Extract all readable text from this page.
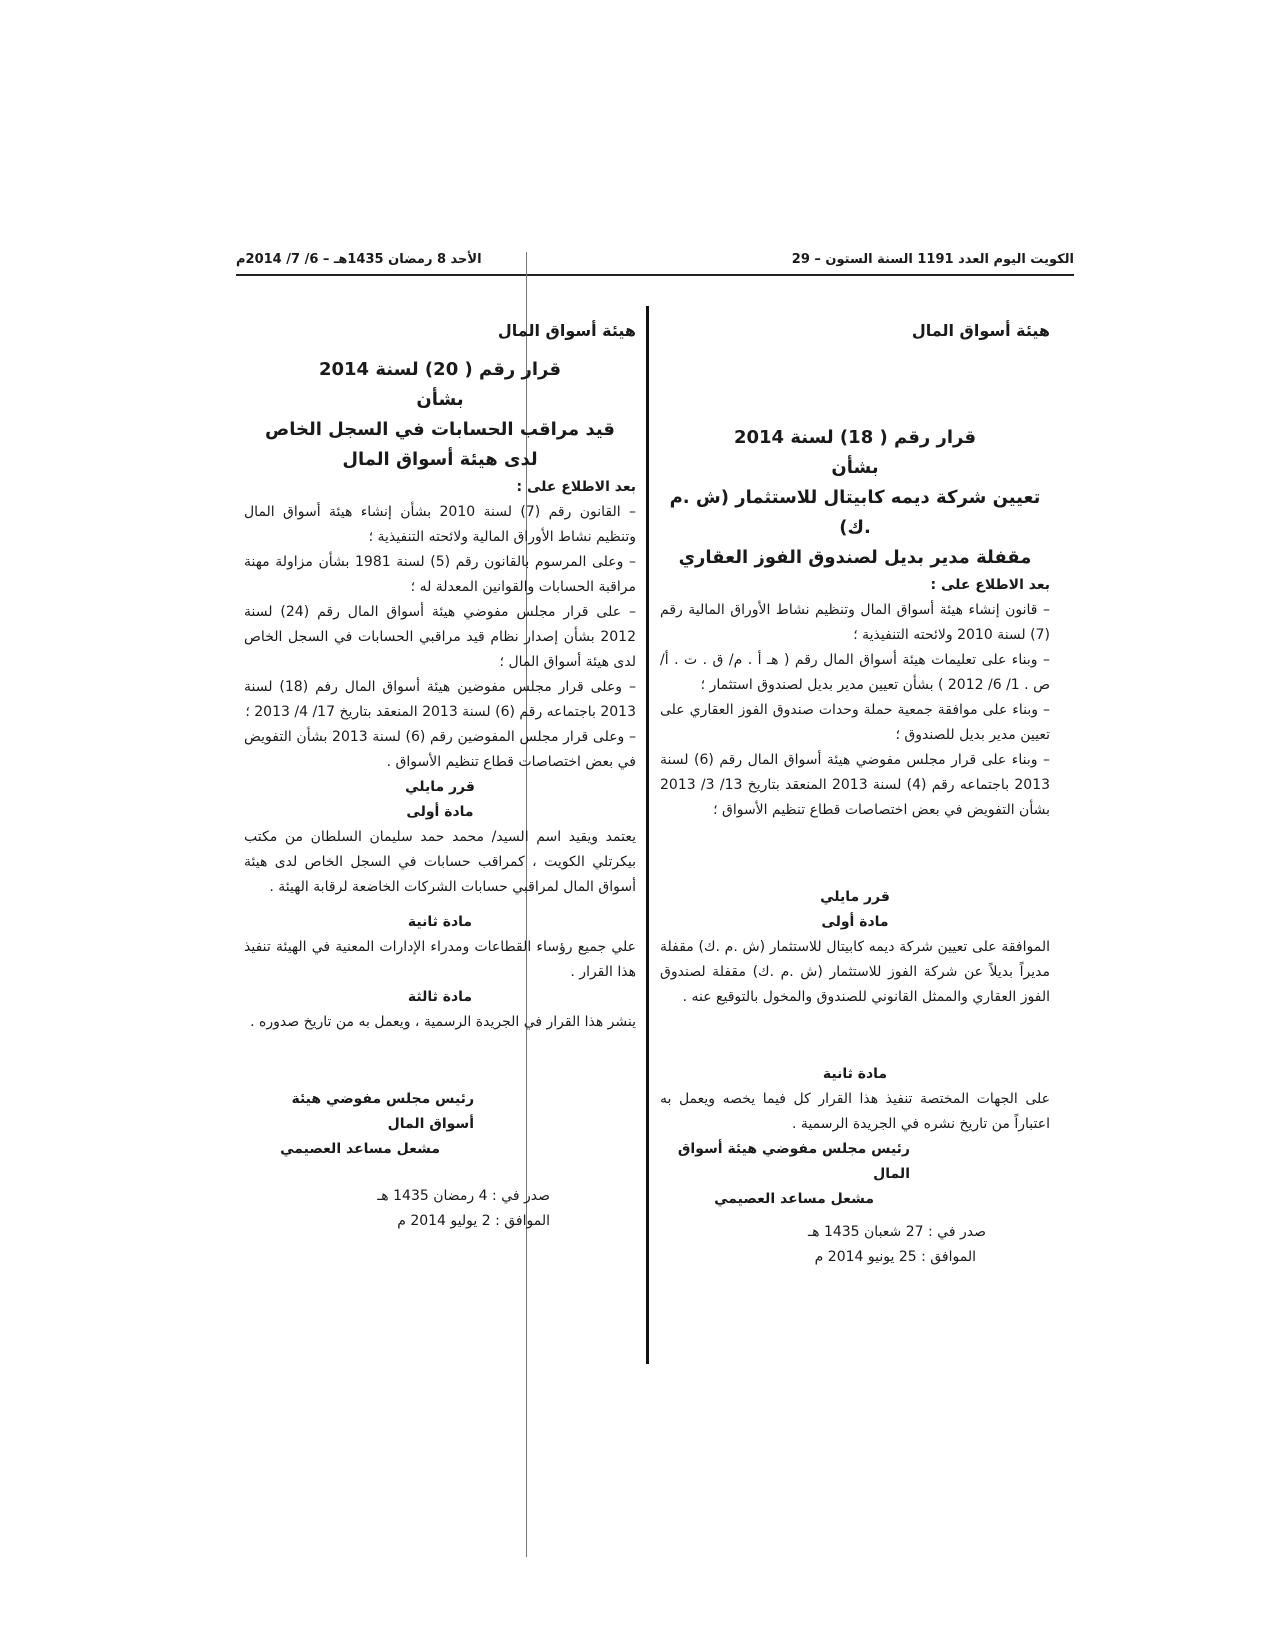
الكويت اليوم العدد 1191 السنة الستون – 29
الأحد 8 رمضان 1435هـ – 6/ 7/ 2014م

هيئة أسواق المال

قرار رقم ( 18) لسنة 2014

بشأن

تعيين شركة ديمه كابيتال للاستثمار (ش .م .ك)

مقفلة مدير بديل لصندوق الفوز العقاري

بعد الاطلاع على :

– قانون إنشاء هيئة أسواق المال وتنظيم نشاط الأوراق المالية رقم (7) لسنة 2010 ولائحته التنفيذية ؛

– وبناء على تعليمات هيئة أسواق المال رقم ( هـ أ . م/ ق . ت . أ/ ص . 1/ 6/ 2012 ) بشأن تعيين مدير بديل لصندوق استثمار ؛

– وبناء على موافقة جمعية حملة وحدات صندوق الفوز العقاري على تعيين مدير بديل للصندوق ؛

– وبناء على قرار مجلس مفوضي هيئة أسواق المال رقم (6) لسنة 2013 باجتماعه رقم (4) لسنة 2013 المنعقد بتاريخ 13/ 3/ 2013 بشأن التفويض في بعض اختصاصات قطاع تنظيم الأسواق ؛

قرر مايلي

مادة أولى

الموافقة على تعيين شركة ديمه كابيتال للاستثمار (ش .م .ك) مقفلة مديراً بديلاً عن شركة الفوز للاستثمار (ش .م .ك) مقفلة لصندوق الفوز العقاري والممثل القانوني للصندوق والمخول بالتوقيع عنه .

مادة ثانية

على الجهات المختصة تنفيذ هذا القرار كل فيما يخصه ويعمل به اعتباراً من تاريخ نشره في الجريدة الرسمية .

رئيس مجلس مفوضي هيئة أسواق المال

مشعل مساعد العصيمي

صدر في : 27 شعبان 1435 هـ

الموافق : 25 يونيو 2014 م

هيئة أسواق المال

قرار رقم ( 20) لسنة 2014

بشأن

قيد مراقب الحسابات في السجل الخاص

لدى هيئة أسواق المال

بعد الاطلاع على :

– القانون رقم (7) لسنة 2010 بشأن إنشاء هيئة أسواق المال وتنظيم نشاط الأوراق المالية ولائحته التنفيذية ؛

– وعلى المرسوم بالقانون رقم (5) لسنة 1981 بشأن مزاولة مهنة مراقبة الحسابات والقوانين المعدلة له ؛

– على قرار مجلس مفوضي هيئة أسواق المال رقم (24) لسنة 2012 بشأن إصدار نظام قيد مراقبي الحسابات في السجل الخاص لدى هيئة أسواق المال ؛

– وعلى قرار مجلس مفوضين هيئة أسواق المال رفم (18) لسنة 2013 باجتماعه رقم (6) لسنة 2013 المنعقد بتاريخ 17/ 4/ 2013 ؛

– وعلى قرار مجلس المفوضين رقم (6) لسنة 2013 بشأن التفويض في بعض اختصاصات قطاع تنظيم الأسواق .

قرر مايلي

مادة أولى

يعتمد ويقيد اسم السيد/ محمد حمد سليمان السلطان من مكتب بيكرتلي الكويت ، كمراقب حسابات في السجل الخاص لدى هيئة أسواق المال لمراقبي حسابات الشركات الخاضعة لرقابة الهيئة .

مادة ثانية

علي جميع رؤساء القطاعات ومدراء الإدارات المعنية في الهيئة تنفيذ هذا القرار .

مادة ثالثة

ينشر هذا القرار في الجريدة الرسمية ، ويعمل به من تاريخ صدوره .

رئيس مجلس مفوضي هيئة أسواق المال

مشعل مساعد العصيمي

صدر في : 4 رمضان 1435 هـ

الموافق : 2 يوليو 2014 م
